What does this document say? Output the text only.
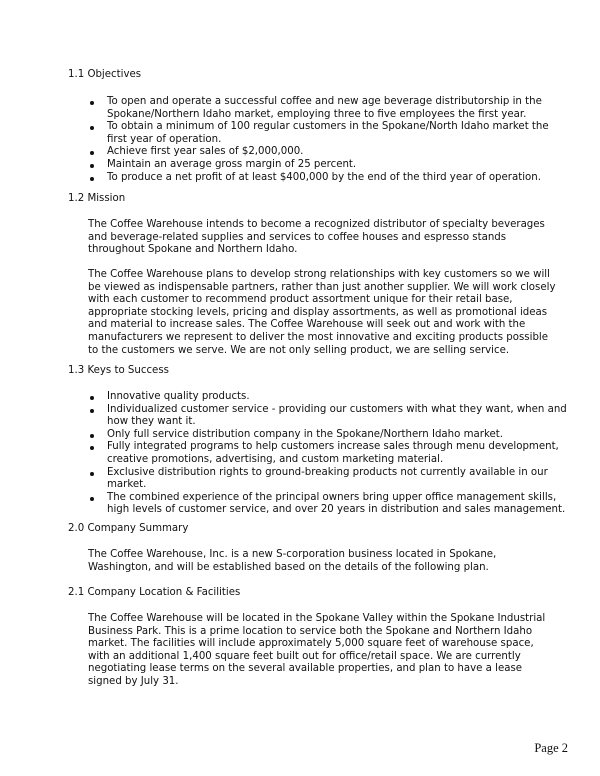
1.1 Objectives
To open and operate a successful coffee and new age beverage distributorship in the Spokane/Northern Idaho market, employing three to five employees the first year.
To obtain a minimum of 100 regular customers in the Spokane/North Idaho market the first year of operation.
Achieve first year sales of $2,000,000.
Maintain an average gross margin of 25 percent.
To produce a net profit of at least $400,000 by the end of the third year of operation.
1.2 Mission

The Coffee Warehouse intends to become a recognized distributor of specialty beverages and beverage-related supplies and services to coffee houses and espresso stands throughout Spokane and Northern Idaho.

The Coffee Warehouse plans to develop strong relationships with key customers so we will be viewed as indispensable partners, rather than just another supplier. We will work closely with each customer to recommend product assortment unique for their retail base, appropriate stocking levels, pricing and display assortments, as well as promotional ideas and material to increase sales. The Coffee Warehouse will seek out and work with the manufacturers we represent to deliver the most innovative and exciting products possible to the customers we serve. We are not only selling product, we are selling service.

1.3 Keys to Success
Innovative quality products.
Individualized customer service - providing our customers with what they want, when and how they want it.
Only full service distribution company in the Spokane/Northern Idaho market.
Fully integrated programs to help customers increase sales through menu development, creative promotions, advertising, and custom marketing material.
Exclusive distribution rights to ground-breaking products not currently available in our market.
The combined experience of the principal owners bring upper office management skills, high levels of customer service, and over 20 years in distribution and sales management.
2.0 Company Summary

The Coffee Warehouse, Inc. is a new S-corporation business located in Spokane, Washington, and will be established based on the details of the following plan.

2.1 Company Location & Facilities

The Coffee Warehouse will be located in the Spokane Valley within the Spokane Industrial Business Park. This is a prime location to service both the Spokane and Northern Idaho market. The facilities will include approximately 5,000 square feet of warehouse space, with an additional 1,400 square feet built out for office/retail space. We are currently negotiating lease terms on the several available properties, and plan to have a lease signed by July 31.

Page 2
